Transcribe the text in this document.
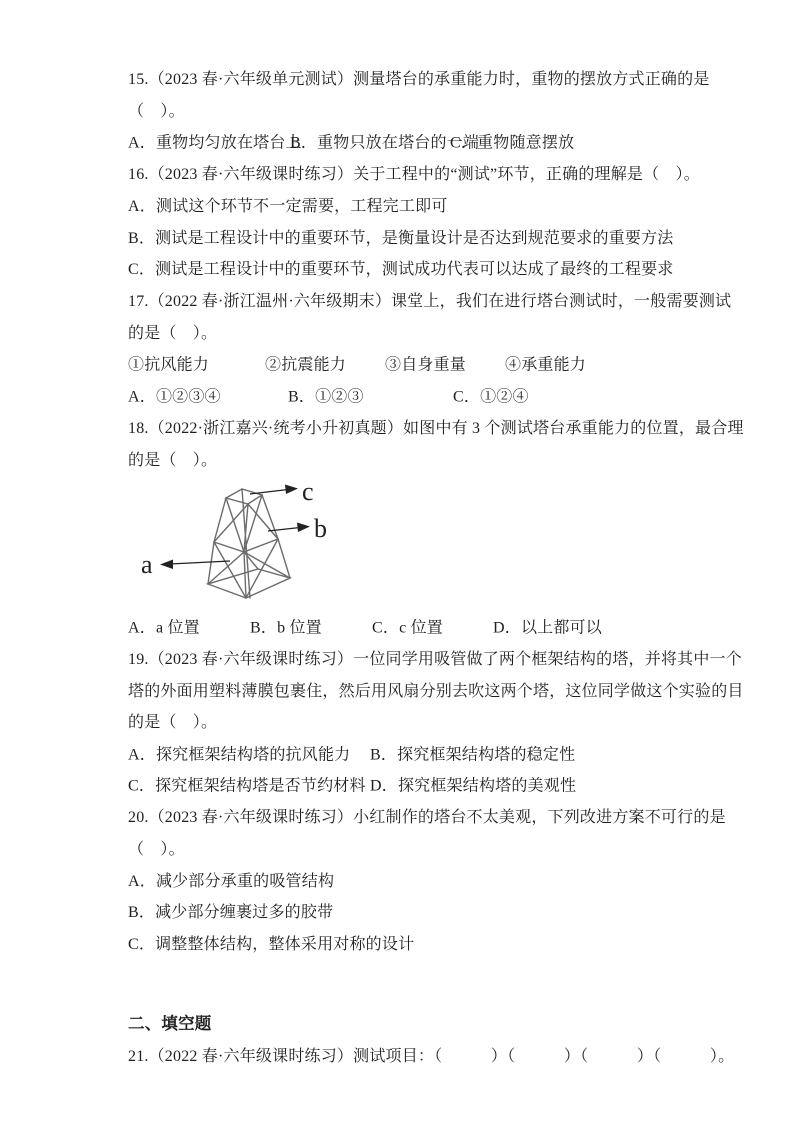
15.（2023 春·六年级单元测试）测量塔台的承重能力时，重物的摆放方式正确的是
（　）。
A．重物均匀放在塔台上
B．重物只放在塔台的一端
C．重物随意摆放
16.（2023 春·六年级课时练习）关于工程中的“测试”环节，正确的理解是（　）。
A．测试这个环节不一定需要，工程完工即可
B．测试是工程设计中的重要环节，是衡量设计是否达到规范要求的重要方法
C．测试是工程设计中的重要环节，测试成功代表可以达成了最终的工程要求
17.（2022 春·浙江温州·六年级期末）课堂上，我们在进行塔台测试时，一般需要测试
的是（　）。
①抗风能力	②抗震能力 ③自身重量 ④承重能力
A．①②③④	B．①②③	C．①②④
18.（2022·浙江嘉兴·统考小升初真题）如图中有 3 个测试塔台承重能力的位置，最合理
的是（　）。
a
b
c
A．a 位置	B．b 位置	C．c 位置	D．以上都可以
19.（2023 春·六年级课时练习）一位同学用吸管做了两个框架结构的塔，并将其中一个
塔的外面用塑料薄膜包裹住，然后用风扇分别去吹这两个塔，这位同学做这个实验的目
的是（　）。
A．探究框架结构塔的抗风能力 B．探究框架结构塔的稳定性
C．探究框架结构塔是否节约材料 D．探究框架结构塔的美观性
20.（2023 春·六年级课时练习）小红制作的塔台不太美观，下列改进方案不可行的是
（　）。
A．减少部分承重的吸管结构
B．减少部分缠裹过多的胶带
C．调整整体结构，整体采用对称的设计
二、填空题
21.（2022 春·六年级课时练习）测试项目：（　　　）（　　　）（　　　）（　　　）。
